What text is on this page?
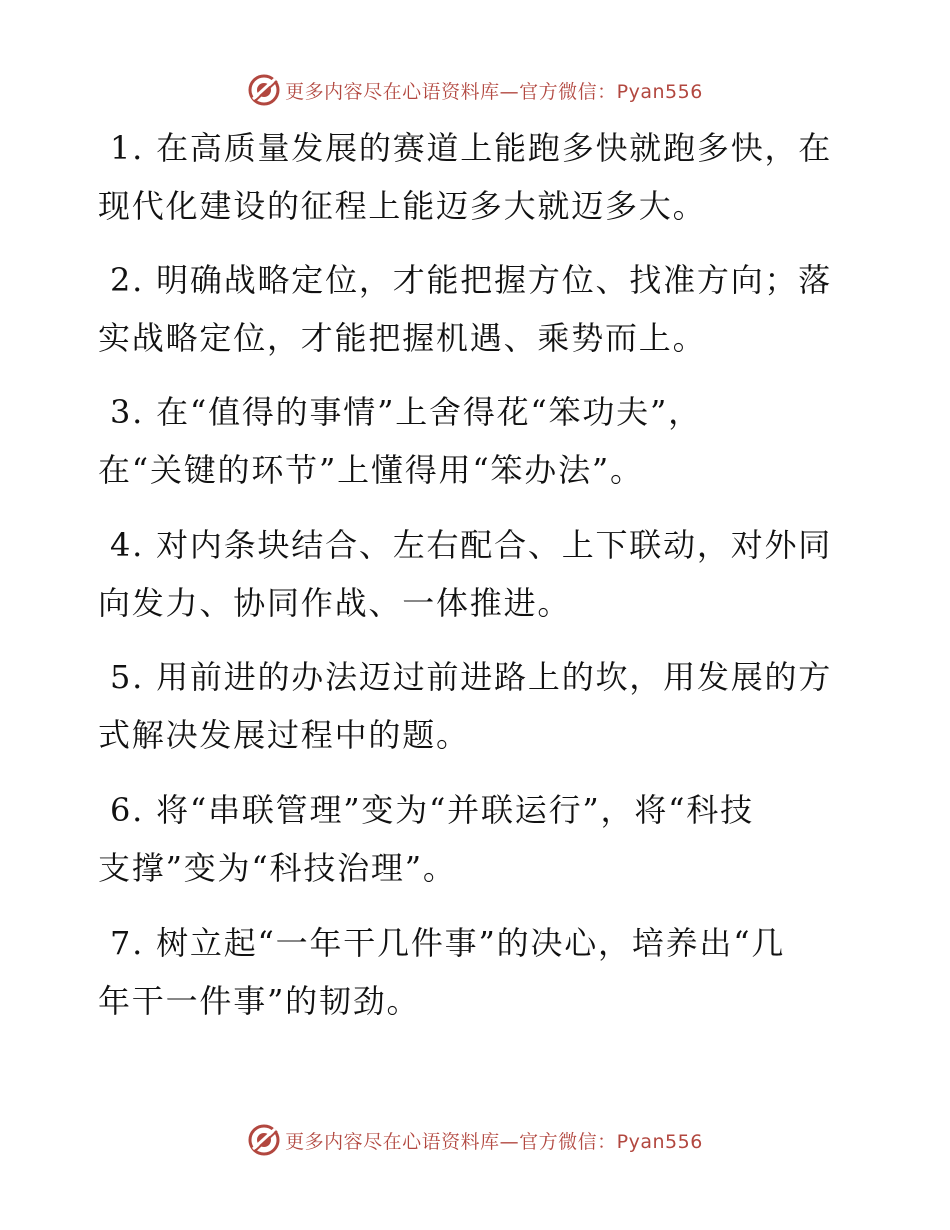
更多内容尽在心语资料库—官方微信：Pyan556
1. 在高质量发展的赛道上能跑多快就跑多快，在
现代化建设的征程上能迈多大就迈多大。
2. 明确战略定位，才能把握方位、找准方向；落
实战略定位，才能把握机遇、乘势而上。
3. 在“值得的事情”上舍得花“笨功夫”，
在“关键的环节”上懂得用“笨办法”。
4. 对内条块结合、左右配合、上下联动，对外同
向发力、协同作战、一体推进。
5. 用前进的办法迈过前进路上的坎，用发展的方
式解决发展过程中的题。
6. 将“串联管理”变为“并联运行”，将“科技
支撑”变为“科技治理”。
7. 树立起“一年干几件事”的决心，培养出“几
年干一件事”的韧劲。
更多内容尽在心语资料库—官方微信：Pyan556
